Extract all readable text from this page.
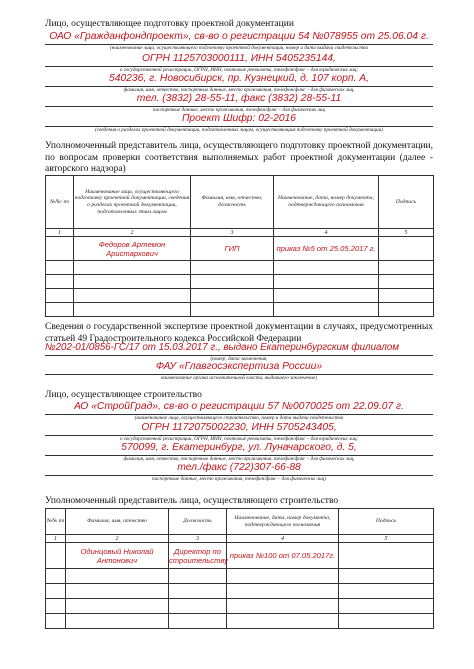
Лицо, осуществляющее подготовку проектной документации
ОАО «Гражданфондпроект», св-во о регистрации 54 №078955 от 25.06.04 г.
(наименование лица, осуществляющего подготовку проектной документации, номер и дата выдачи свидетельства
ОГРН 1125703000111, ИНН 5405235144,
о государственной регистрации, ОГРН, ИНН, почтовые реквизиты, телефон/факс – для юридических лиц;
540236, г. Новосибирск, пр. Кузнецкий, д. 107 корп. А,
фамилия, имя, отчество, паспортные данные, место проживания, телефон/факс – для физических лиц,
тел. (3832) 28-55-11, факс (3832) 28-55-11
паспортные данные, место проживания, телефон/факс – для физических лиц
Проект Шифр: 02-2016
(сведения о разделах проектной документации, подготовленных лицом, осуществляющим подготовку проектной документации)
Уполномоченный представитель лица, осуществляющего подготовку проектной документации, по вопросам проверки соответствия выполняемых работ проектной документации (далее - авторского надзора)
№№/ пп	Наименование лица, осуществляющего подготовку проектной документации, сведения о разделах проектной документации, подготовленных этим лицом	Фамилия, имя, отчество, должность	Наименование, дата, номер документа, подтверждающего полномочия	Подпись
1	2	3	4	5
	Федоров Артемон Аристархович	ГИП	приказ №5 от 25.05.2017 г.	

Сведения о государственной экспертизе проектной документации в случаях, предусмотренных статьей 49 Градостроительного кодекса Российской Федерации
№202-01/0856-ГС/17 от 15.03.2017 г., выдано Екатеринбургским филиалом
(номер, дата заключения,
ФАУ «Главгосэкспертиза России»
наименование органа исполнительной власти, выдавшего заключение)
Лицо, осуществляющее строительство
АО «СтройГрад», св-во о регистрации 57 №0070025 от 22.09.07 г.
(наименование лица, осуществляющего строительство, номер и дата выдачи свидетельства
ОГРН 1172075002230, ИНН 5705243405,
о государственной регистрации, ОГРН, ИНН, почтовые реквизиты, телефон/факс – для юридических лиц;
570099, г. Екатеринбург, ул. Луначарского, д. 5,
фамилия, имя, отчество, паспортные данные, место проживания, телефон/факс – для физических лиц,
тел./факс (722)307-66-88
паспортные данные, место проживания, телефон/факс – для физических лиц)
Уполномоченный представитель лица, осуществляющего строительство
№№ пп	Фамилия, имя, отчество	Должность	Наименование, дата, номер документа, подтверждающего полномочия	Подпись
1	2	3	4	5
	Одинцовый Николай Антонович	Директор по строительству	приказ №100 от 07.05.2017г.	
